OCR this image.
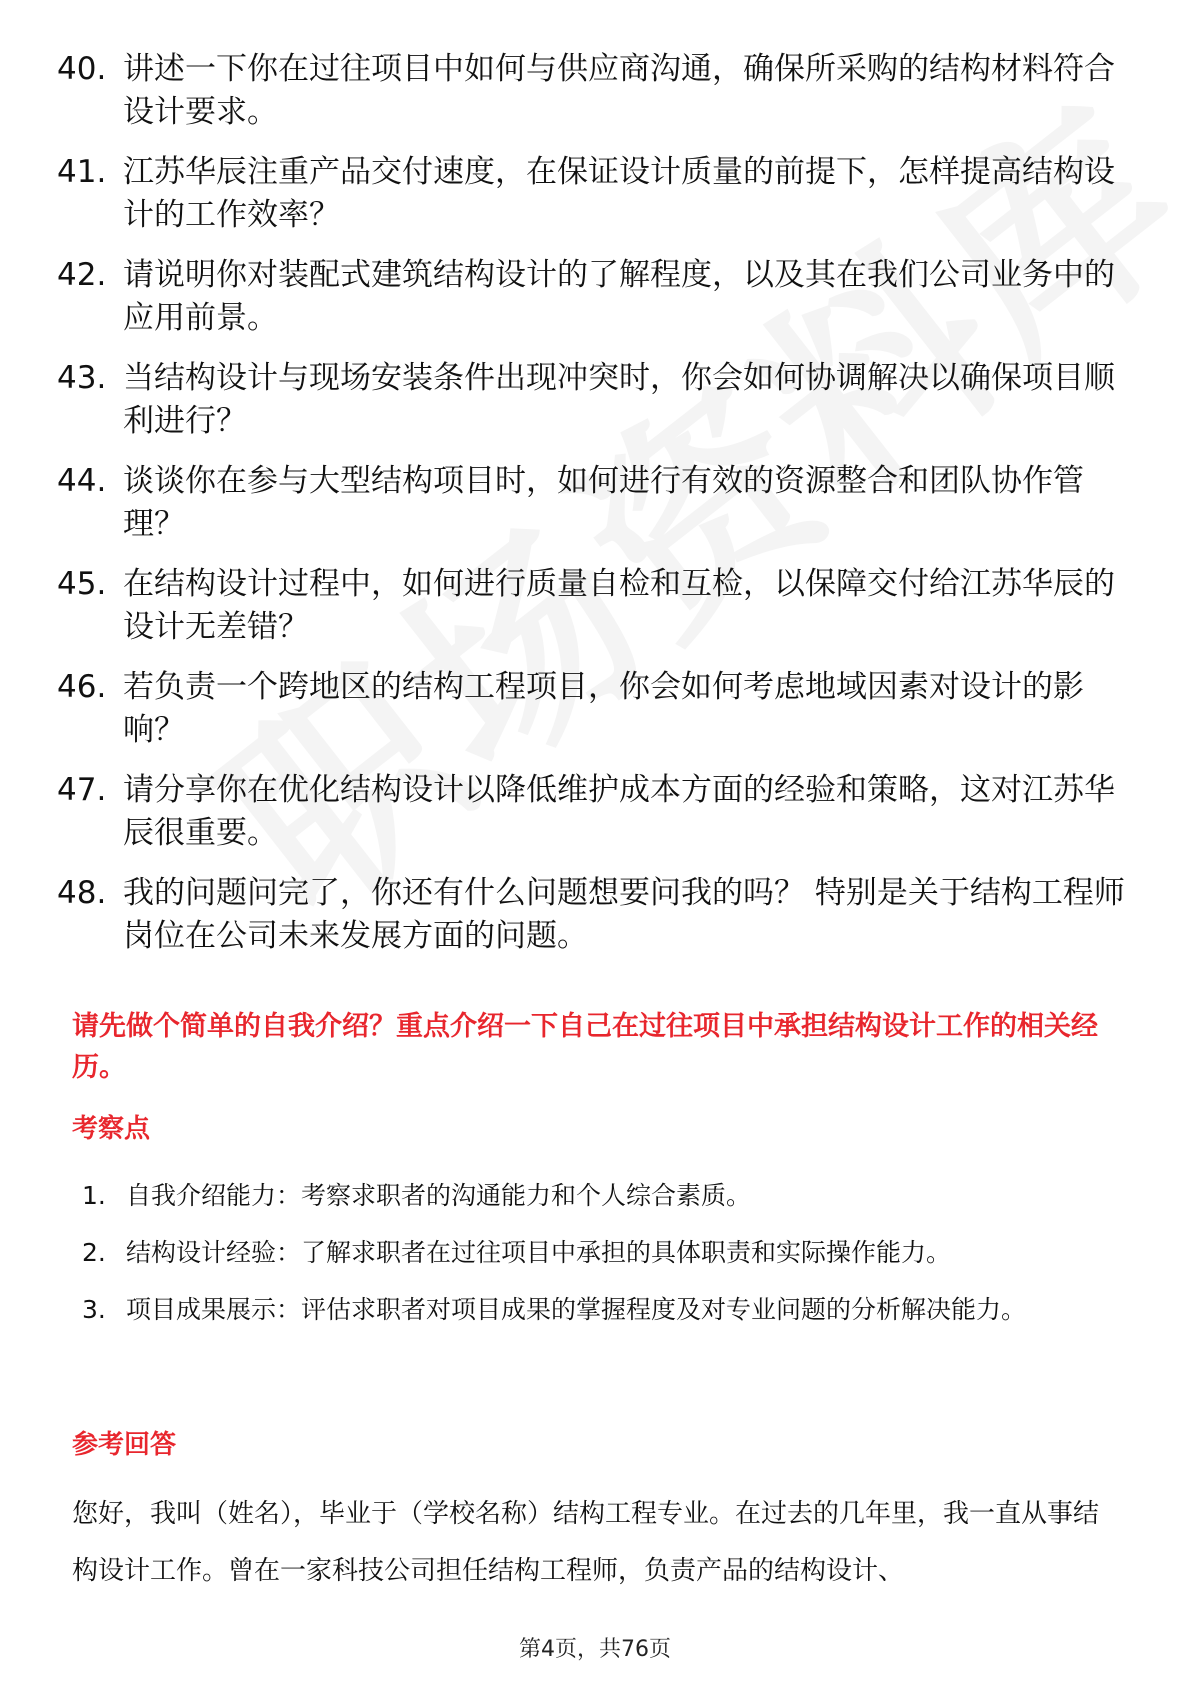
40. 讲述一下你在过往项目中如何与供应商沟通，确保所采购的结构材料符合设计要求。
41. 江苏华辰注重产品交付速度，在保证设计质量的前提下，怎样提高结构设计的工作效率？
42. 请说明你对装配式建筑结构设计的了解程度，以及其在我们公司业务中的应用前景。
43. 当结构设计与现场安装条件出现冲突时，你会如何协调解决以确保项目顺利进行？
44. 谈谈你在参与大型结构项目时，如何进行有效的资源整合和团队协作管理？
45. 在结构设计过程中，如何进行质量自检和互检，以保障交付给江苏华辰的设计无差错？
46. 若负责一个跨地区的结构工程项目，你会如何考虑地域因素对设计的影响？
47. 请分享你在优化结构设计以降低维护成本方面的经验和策略，这对江苏华辰很重要。
48. 我的问题问完了，你还有什么问题想要问我的吗？ 特别是关于结构工程师岗位在公司未来发展方面的问题。
请先做个简单的自我介绍？重点介绍一下自己在过往项目中承担结构设计工作的相关经历。
考察点
1. 自我介绍能力：考察求职者的沟通能力和个人综合素质。
2. 结构设计经验：了解求职者在过往项目中承担的具体职责和实际操作能力。
3. 项目成果展示：评估求职者对项目成果的掌握程度及对专业问题的分析解决能力。
参考回答

您好，我叫（姓名），毕业于（学校名称）结构工程专业。在过去的几年里，我一直从事结构设计工作。曾在一家科技公司担任结构工程师，负责产品的结构设计、

第4页，共76页
